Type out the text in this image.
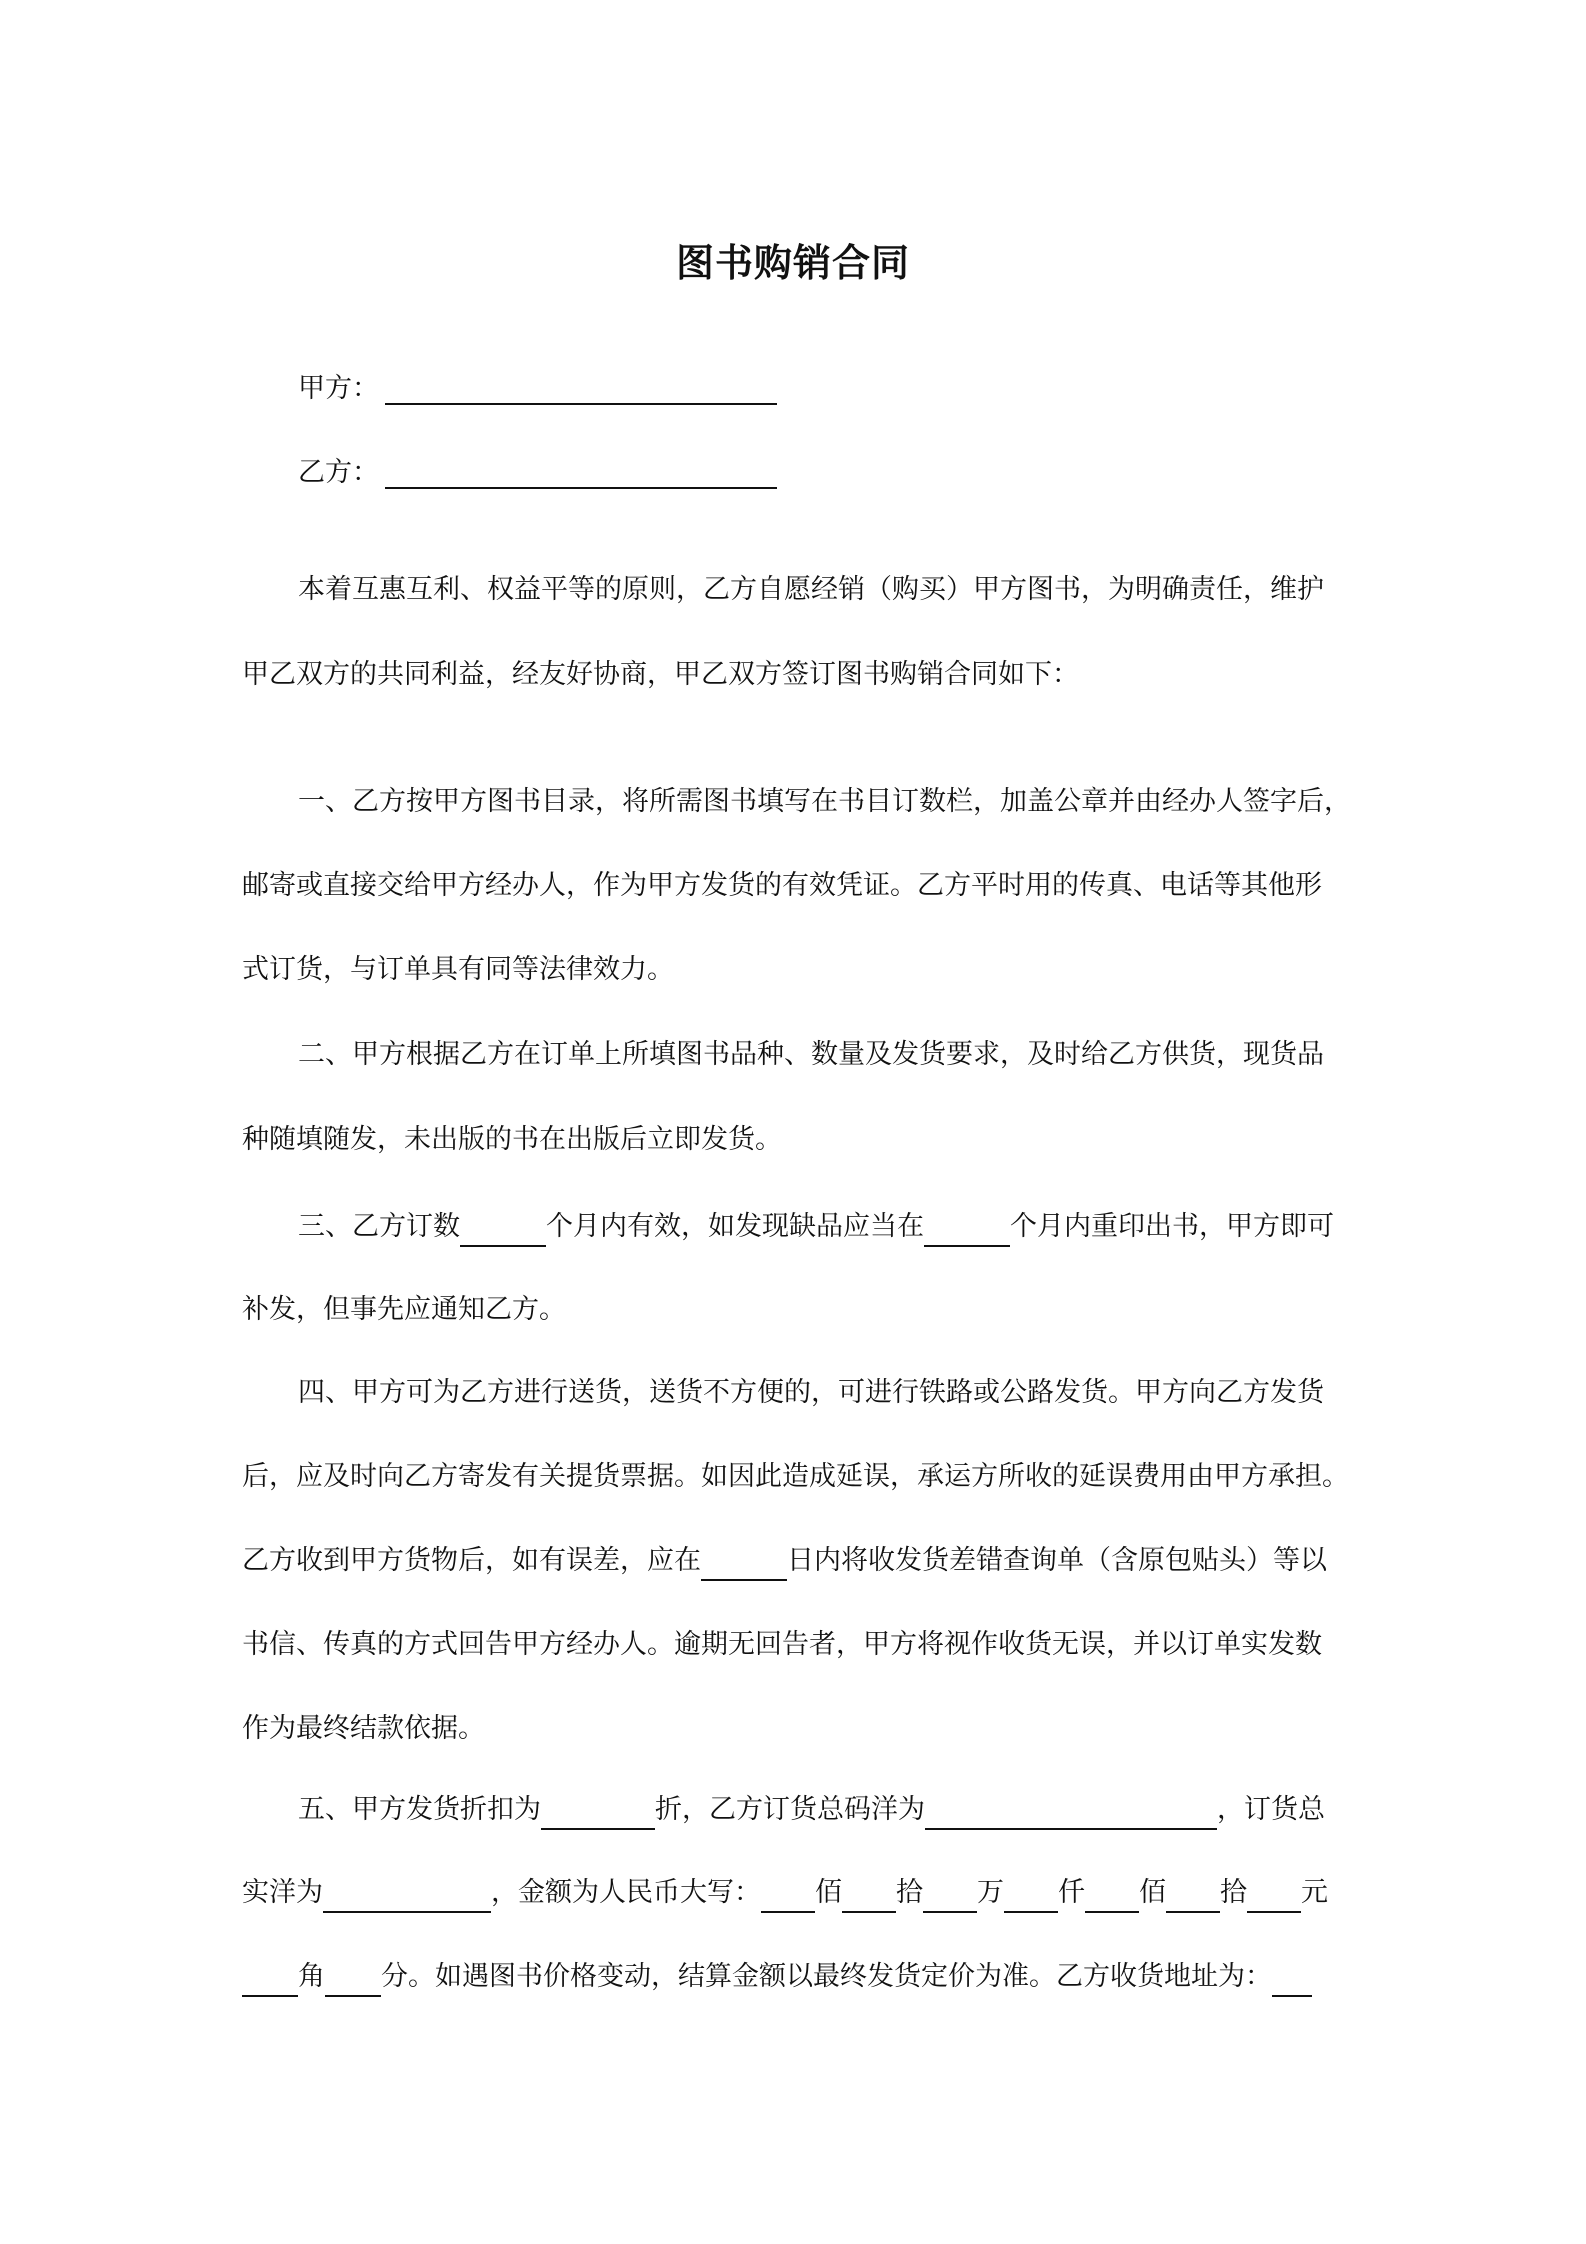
图书购销合同
甲方：
乙方：
本着互惠互利、权益平等的原则，乙方自愿经销（购买）甲方图书，为明确责任，维护
甲乙双方的共同利益，经友好协商，甲乙双方签订图书购销合同如下：
一、乙方按甲方图书目录，将所需图书填写在书目订数栏，加盖公章并由经办人签字后，
邮寄或直接交给甲方经办人，作为甲方发货的有效凭证。乙方平时用的传真、电话等其他形
式订货，与订单具有同等法律效力。
二、甲方根据乙方在订单上所填图书品种、数量及发货要求，及时给乙方供货，现货品
种随填随发，未出版的书在出版后立即发货。
三、乙方订数	个月内有效，如发现缺品应当在	个月内重印出书，甲方即可
补发，但事先应通知乙方。
四、甲方可为乙方进行送货，送货不方便的，可进行铁路或公路发货。甲方向乙方发货
后，应及时向乙方寄发有关提货票据。如因此造成延误，承运方所收的延误费用由甲方承担。
乙方收到甲方货物后，如有误差，应在	日内将收发货差错查询单（含原包贴头）等以
书信、传真的方式回告甲方经办人。逾期无回告者，甲方将视作收货无误，并以订单实发数
作为最终结款依据。
五、甲方发货折扣为	折，乙方订货总码洋为	，订货总
实洋为	，金额为人民币大写： 佰 拾 万 仟 佰 拾 元
角 分。如遇图书价格变动，结算金额以最终发货定价为准。乙方收货地址为：
